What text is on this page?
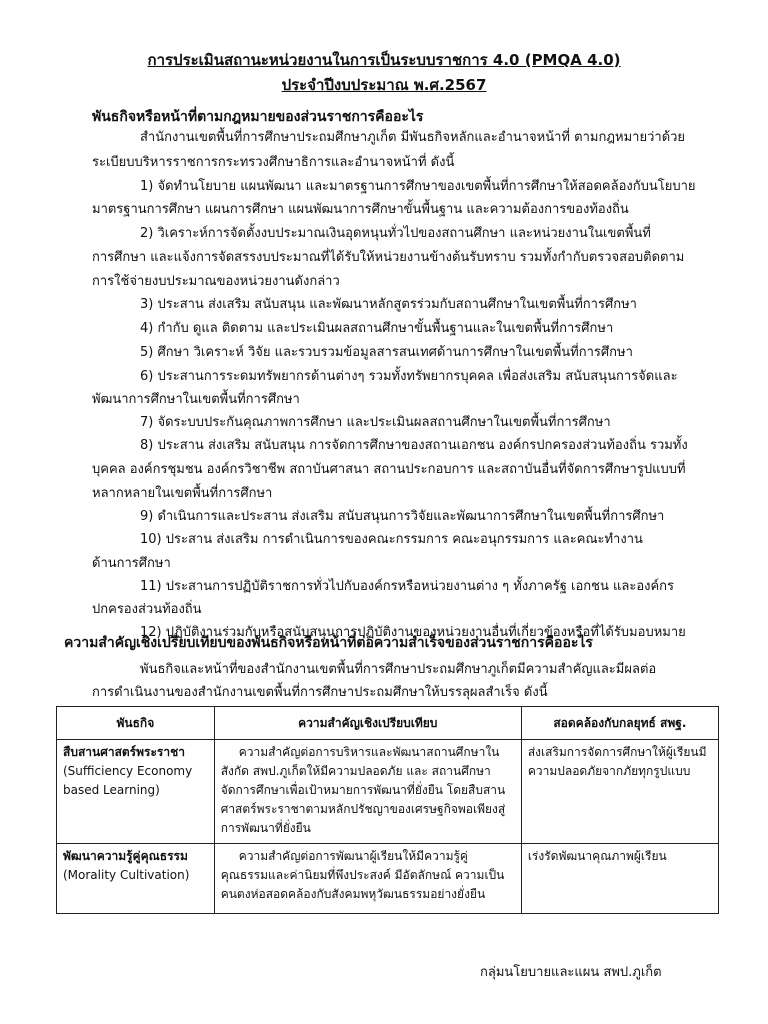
การประเมินสถานะหน่วยงานในการเป็นระบบราชการ 4.0 (PMQA 4.0)
ประจำปีงบประมาณ พ.ศ.2567
พันธกิจหรือหน้าที่ตามกฎหมายของส่วนราชการคืออะไร
สำนักงานเขตพื้นที่การศึกษาประถมศึกษาภูเก็ต มีพันธกิจหลักและอำนาจหน้าที่ ตามกฎหมายว่าด้วย
ระเบียบบริหารราชการกระทรวงศึกษาธิการและอำนาจหน้าที่ ดังนี้
1) จัดทำนโยบาย แผนพัฒนา และมาตรฐานการศึกษาของเขตพื้นที่การศึกษาให้สอดคล้องกับนโยบาย
มาตรฐานการศึกษา แผนการศึกษา แผนพัฒนาการศึกษาขั้นพื้นฐาน และความต้องการของท้องถิ่น
2) วิเคราะห์การจัดตั้งงบประมาณเงินอุดหนุนทั่วไปของสถานศึกษา และหน่วยงานในเขตพื้นที่
การศึกษา และแจ้งการจัดสรรงบประมาณที่ได้รับให้หน่วยงานข้างต้นรับทราบ รวมทั้งกำกับตรวจสอบติดตาม
การใช้จ่ายงบประมาณของหน่วยงานดังกล่าว
3) ประสาน ส่งเสริม สนับสนุน และพัฒนาหลักสูตรร่วมกับสถานศึกษาในเขตพื้นที่การศึกษา
4) กำกับ ดูแล ติดตาม และประเมินผลสถานศึกษาขั้นพื้นฐานและในเขตพื้นที่การศึกษา
5) ศึกษา วิเคราะห์ วิจัย และรวบรวมข้อมูลสารสนเทศด้านการศึกษาในเขตพื้นที่การศึกษา
6) ประสานการระดมทรัพยากรด้านต่างๆ รวมทั้งทรัพยากรบุคคล เพื่อส่งเสริม สนับสนุนการจัดและ
พัฒนาการศึกษาในเขตพื้นที่การศึกษา
7) จัดระบบประกันคุณภาพการศึกษา และประเมินผลสถานศึกษาในเขตพื้นที่การศึกษา
8) ประสาน ส่งเสริม สนับสนุน การจัดการศึกษาของสถานเอกชน องค์กรปกครองส่วนท้องถิ่น รวมทั้ง
บุคคล องค์กรชุมชน องค์กรวิชาชีพ สถาบันศาสนา สถานประกอบการ และสถาบันอื่นที่จัดการศึกษารูปแบบที่
หลากหลายในเขตพื้นที่การศึกษา
9) ดำเนินการและประสาน ส่งเสริม สนับสนุนการวิจัยและพัฒนาการศึกษาในเขตพื้นที่การศึกษา
10) ประสาน ส่งเสริม การดำเนินการของคณะกรรมการ คณะอนุกรรมการ และคณะทำงาน
ด้านการศึกษา
11) ประสานการปฏิบัติราชการทั่วไปกับองค์กรหรือหน่วยงานต่าง ๆ ทั้งภาครัฐ เอกชน และองค์กร
ปกครองส่วนท้องถิ่น
12) ปฏิบัติงานร่วมกับหรือสนับสนุนการปฏิบัติงานของหน่วยงานอื่นที่เกี่ยวข้องหรือที่ได้รับมอบหมาย
ความสำคัญเชิงเปรียบเทียบของพันธกิจหรือหน้าที่ต่อความสำเร็จของส่วนราชการคืออะไร
พันธกิจและหน้าที่ของสำนักงานเขตพื้นที่การศึกษาประถมศึกษาภูเก็ตมีความสำคัญและมีผลต่อ
พันธกิจ	ความสำคัญเชิงเปรียบเทียบ	สอดคล้องกับกลยุทธ์ สพฐ.

สืบสานศาสตร์พระราชา
(Sufficiency Economy based Learning)	ความสำคัญต่อการบริหารและพัฒนาสถานศึกษาในสังกัด สพป.ภูเก็ตให้มีความปลอดภัย และ สถานศึกษาจัดการศึกษาเพื่อเป้าหมายการพัฒนาที่ยั่งยืน โดยสืบสานศาสตร์พระราชาตามหลักปรัชญาของเศรษฐกิจพอเพียงสู่การพัฒนาที่ยั่งยืน	ส่งเสริมการจัดการศึกษาให้ผู้เรียนมีความปลอดภัยจากภัยทุกรูปแบบ

พัฒนาความรู้คู่คุณธรรม
(Morality Cultivation)	ความสำคัญต่อการพัฒนาผู้เรียนให้มีความรู้คู่คุณธรรมและค่านิยมที่พึงประสงค์ มีอัตลักษณ์ ความเป็นคนตงห่อสอดคล้องกับสังคมพหุวัฒนธรรมอย่างยั่งยืน	เร่งรัดพัฒนาคุณภาพผู้เรียน
กลุ่มนโยบายและแผน สพป.ภูเก็ต
การดำเนินงานของสำนักงานเขตพื้นที่การศึกษาประถมศึกษาให้บรรลุผลสำเร็จ ดังนี้
